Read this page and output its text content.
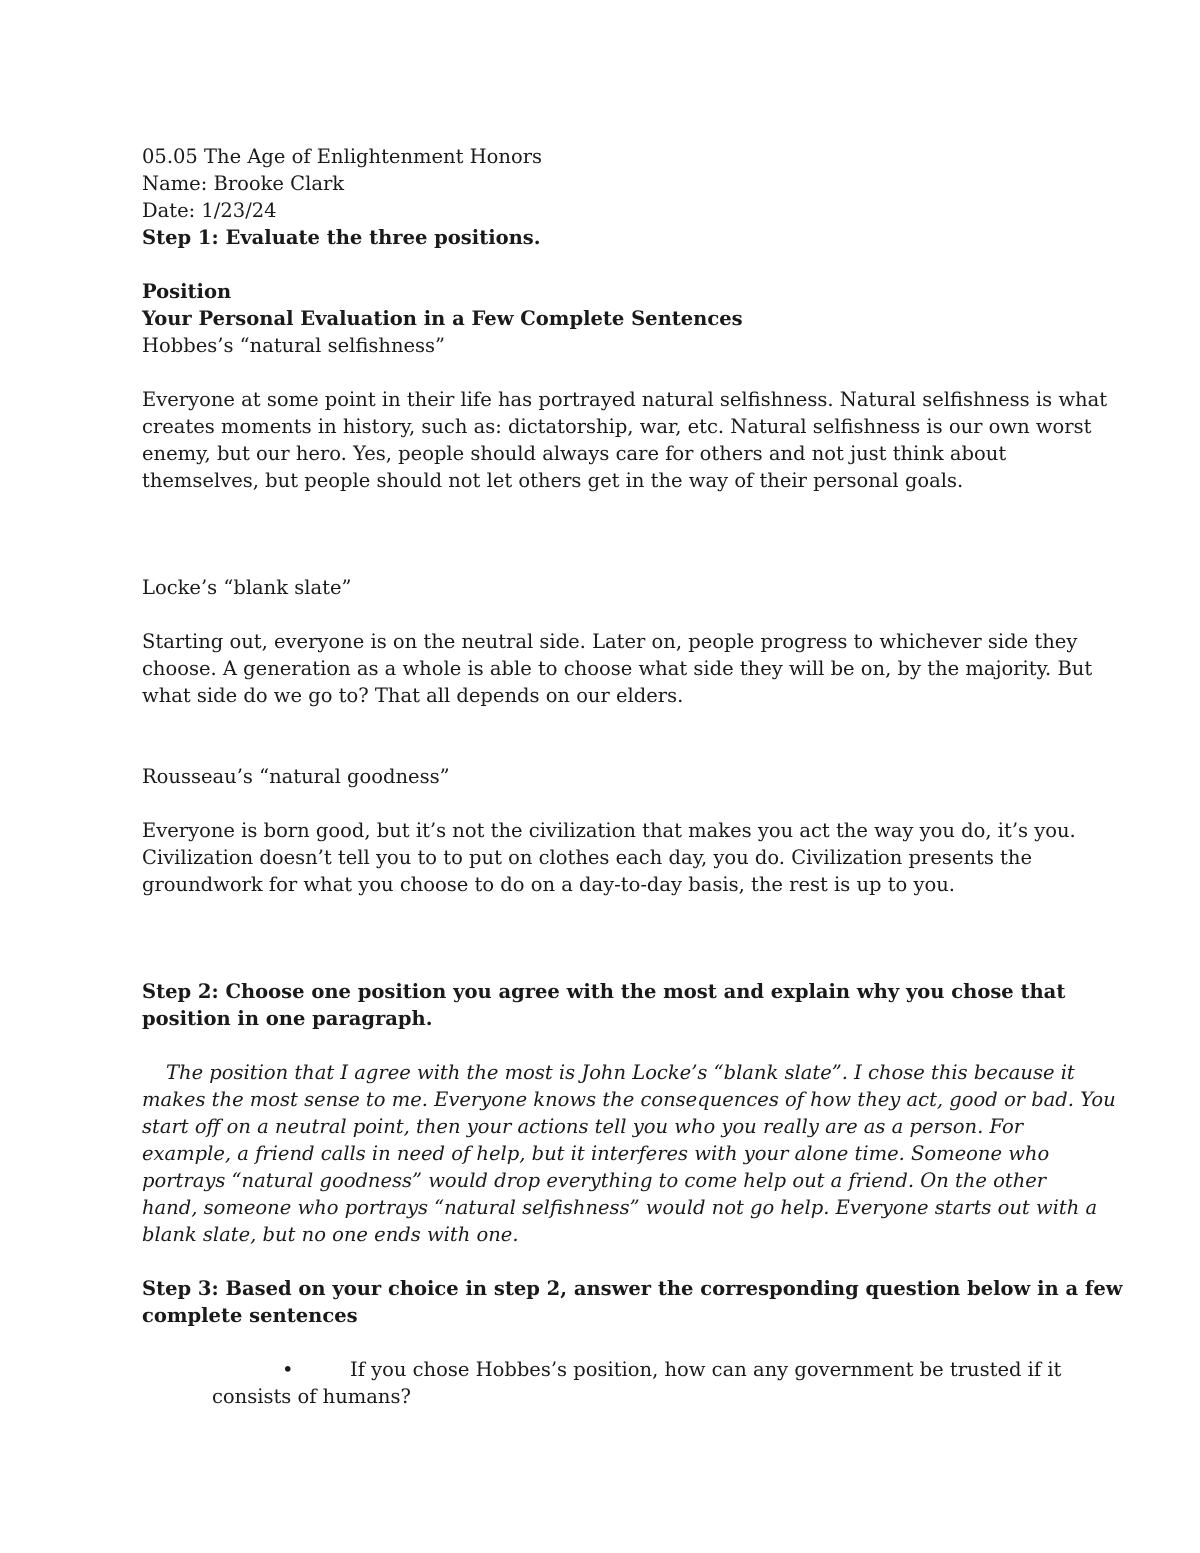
05.05 The Age of Enlightenment Honors
Name: Brooke Clark
Date: 1/23/24
Step 1: Evaluate the three positions.
Position
Your Personal Evaluation in a Few Complete Sentences
Hobbes’s “natural selfishness”
Everyone at some point in their life has portrayed natural selfishness. Natural selfishness is what
creates moments in history, such as: dictatorship, war, etc. Natural selfishness is our own worst
enemy, but our hero. Yes, people should always care for others and not just think about
themselves, but people should not let others get in the way of their personal goals.
Locke’s “blank slate”
Starting out, everyone is on the neutral side. Later on, people progress to whichever side they
choose. A generation as a whole is able to choose what side they will be on, by the majority. But
what side do we go to? That all depends on our elders.
Rousseau’s “natural goodness”
Everyone is born good, but it’s not the civilization that makes you act the way you do, it’s you.
Civilization doesn’t tell you to to put on clothes each day, you do. Civilization presents the
groundwork for what you choose to do on a day-to-day basis, the rest is up to you.
Step 2: Choose one position you agree with the most and explain why you chose that
position in one paragraph.
The position that I agree with the most is John Locke’s “blank slate”. I chose this because it
makes the most sense to me. Everyone knows the consequences of how they act, good or bad. You
start off on a neutral point, then your actions tell you who you really are as a person. For
example, a friend calls in need of help, but it interferes with your alone time. Someone who
portrays “natural goodness” would drop everything to come help out a friend. On the other
hand, someone who portrays “natural selfishness” would not go help. Everyone starts out with a
blank slate, but no one ends with one.
Step 3: Based on your choice in step 2, answer the corresponding question below in a few
complete sentences
•	If you chose Hobbes’s position, how can any government be trusted if it
consists of humans?
